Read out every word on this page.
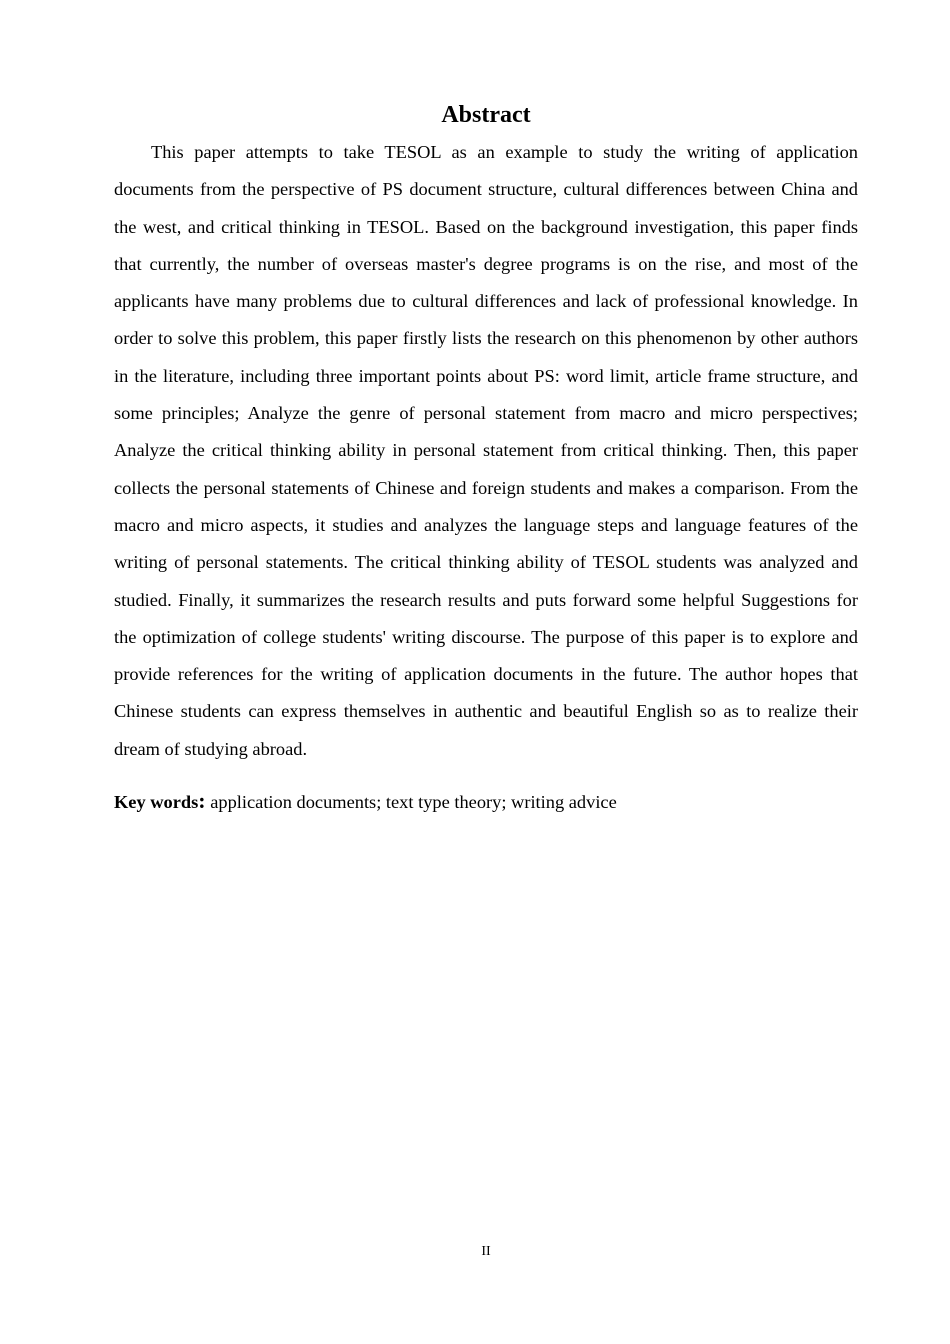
Abstract

This paper attempts to take TESOL as an example to study the writing of application documents from the perspective of PS document structure, cultural differences between China and the west, and critical thinking in TESOL. Based on the background investigation, this paper finds that currently, the number of overseas master's degree programs is on the rise, and most of the applicants have many problems due to cultural differences and lack of professional knowledge. In order to solve this problem, this paper firstly lists the research on this phenomenon by other authors in the literature, including three important points about PS: word limit, article frame structure, and some principles; Analyze the genre of personal statement from macro and micro perspectives; Analyze the critical thinking ability in personal statement from critical thinking. Then, this paper collects the personal statements of Chinese and foreign students and makes a comparison. From the macro and micro aspects, it studies and analyzes the language steps and language features of the writing of personal statements. The critical thinking ability of TESOL students was analyzed and studied. Finally, it summarizes the research results and puts forward some helpful Suggestions for the optimization of college students' writing discourse. The purpose of this paper is to explore and provide references for the writing of application documents in the future. The author hopes that Chinese students can express themselves in authentic and beautiful English so as to realize their dream of studying abroad.

Key words: application documents; text type theory; writing advice

II
